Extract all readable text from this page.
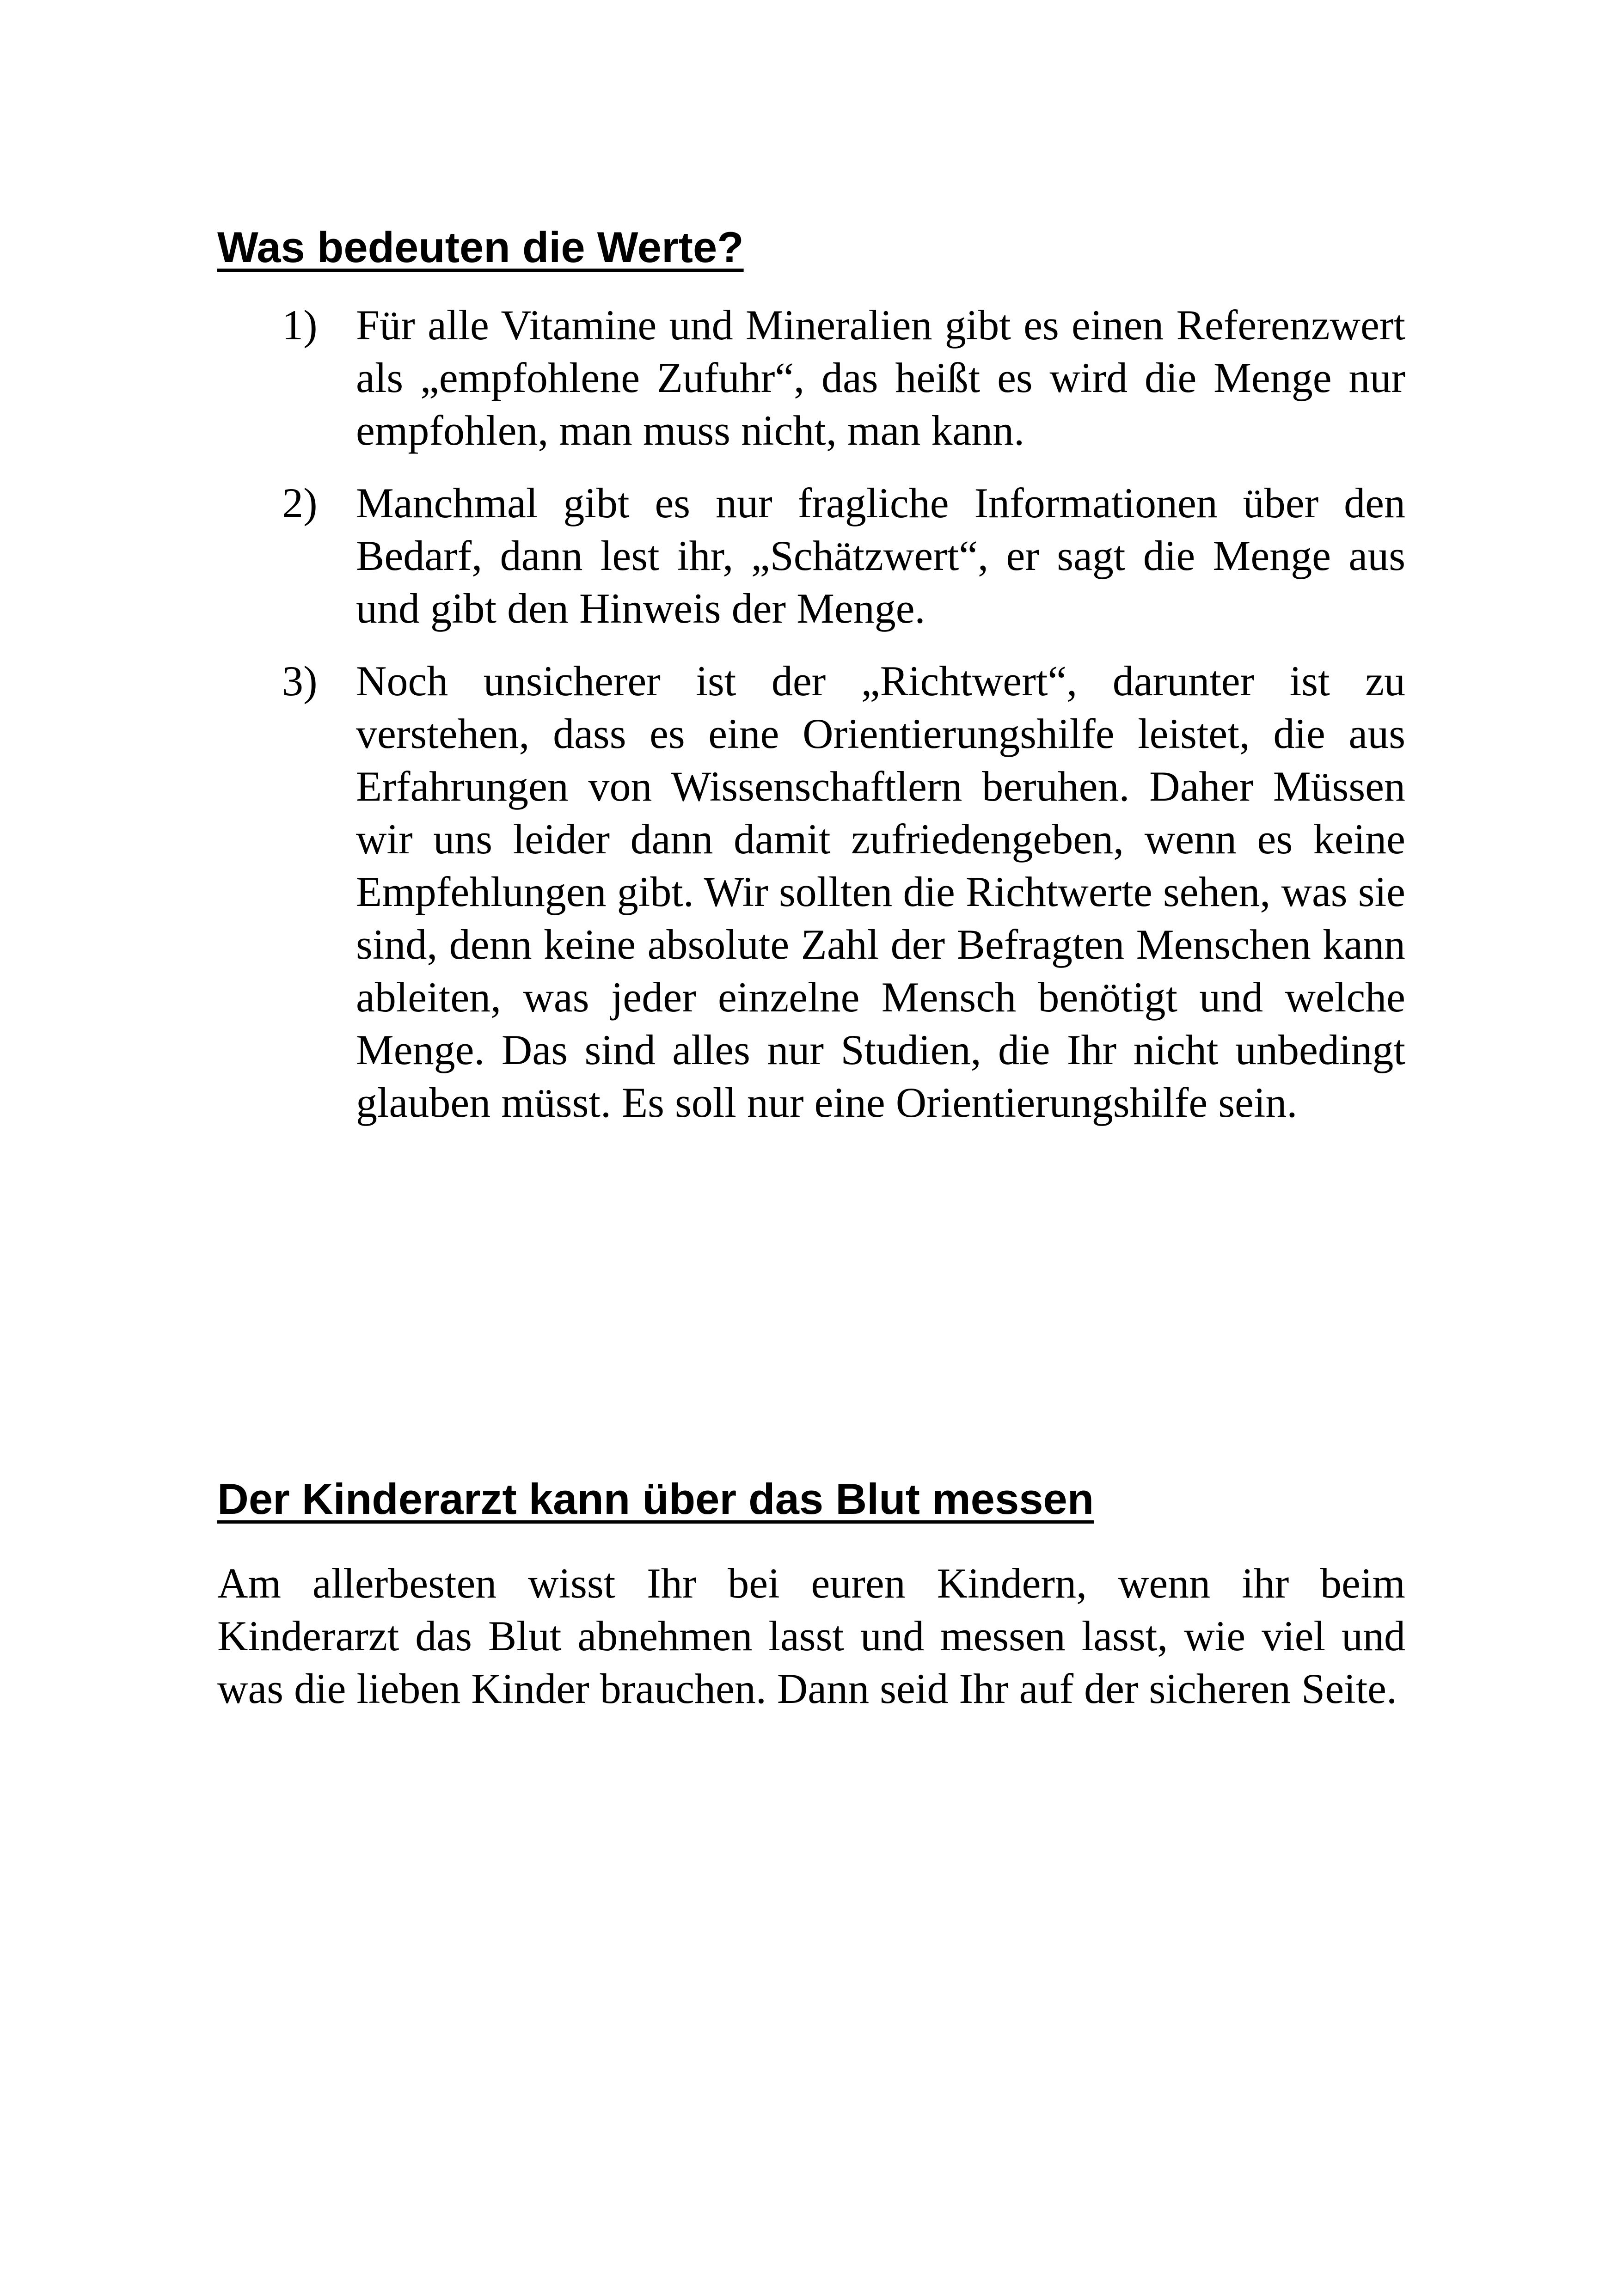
Was bedeuten die Werte?
1) Für alle Vitamine und Mineralien gibt es einen Referenzwert als „empfohlene Zufuhr“, das heißt es wird die Menge nur empfohlen, man muss nicht, man kann.
2) Manchmal gibt es nur fragliche Informationen über den Bedarf, dann lest ihr, „Schätzwert“, er sagt die Menge aus und gibt den Hinweis der Menge.
3) Noch unsicherer ist der „Richtwert“, darunter ist zu verstehen, dass es eine Orientierungshilfe leistet, die aus Erfahrungen von Wissenschaftlern beruhen. Daher Müssen wir uns leider dann damit zufriedengeben, wenn es keine Empfehlungen gibt. Wir sollten die Richtwerte sehen, was sie sind, denn keine absolute Zahl der Befragten Menschen kann ableiten, was jeder einzelne Mensch benötigt und welche Menge. Das sind alles nur Studien, die Ihr nicht unbedingt glauben müsst. Es soll nur eine Orientierungshilfe sein.
Der Kinderarzt kann über das Blut messen

Am allerbesten wisst Ihr bei euren Kindern, wenn ihr beim Kinderarzt das Blut abnehmen lasst und messen lasst, wie viel und was die lieben Kinder brauchen. Dann seid Ihr auf der sicheren Seite.
